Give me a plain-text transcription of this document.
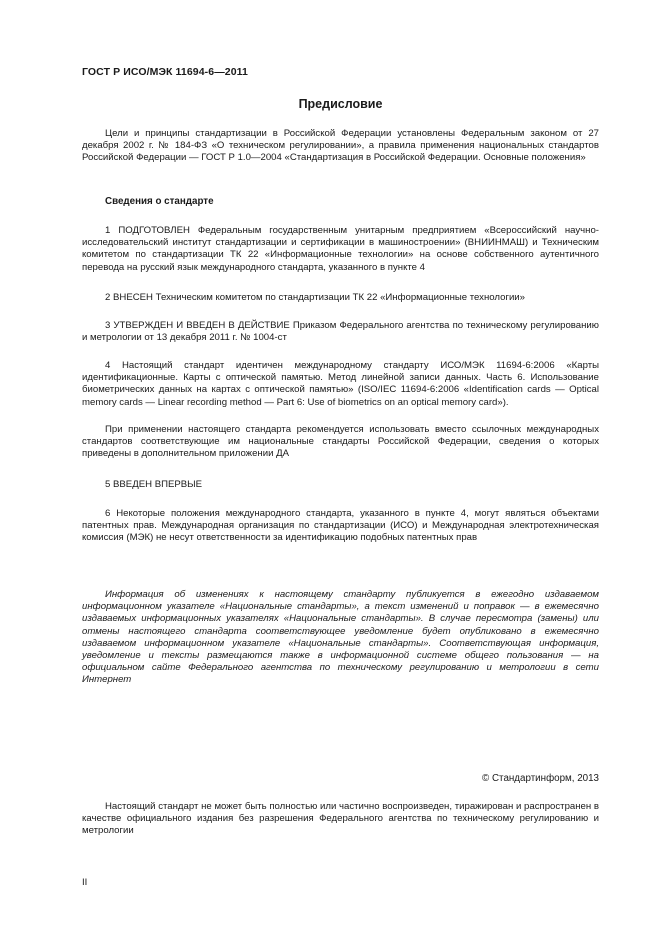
ГОСТ Р ИСО/МЭК 11694-6—2011
Предисловие

Цели и принципы стандартизации в Российской Федерации установлены Федеральным законом от 27 декабря 2002 г. № 184-ФЗ «О техническом регулировании», а правила применения национальных стандартов Российской Федерации — ГОСТ Р 1.0—2004 «Стандартизация в Российской Федерации. Основные положения»

Сведения о стандарте

1 ПОДГОТОВЛЕН Федеральным государственным унитарным предприятием «Всероссийский научно-исследовательский институт стандартизации и сертификации в машиностроении» (ВНИИНМАШ) и Техническим комитетом по стандартизации ТК 22 «Информационные технологии» на основе собственного аутентичного перевода на русский язык международного стандарта, указанного в пункте 4

2 ВНЕСЕН Техническим комитетом по стандартизации ТК 22 «Информационные технологии»

3 УТВЕРЖДЕН И ВВЕДЕН В ДЕЙСТВИЕ Приказом Федерального агентства по техническому регулированию и метрологии от 13 декабря 2011 г. № 1004-ст

4 Настоящий стандарт идентичен международному стандарту ИСО/МЭК 11694-6:2006 «Карты идентификационные. Карты с оптической памятью. Метод линейной записи данных. Часть 6. Использование биометрических данных на картах с оптической памятью» (ISO/IEC 11694-6:2006 «Identification cards — Optical memory cards — Linear recording method — Part 6: Use of biometrics on an optical memory card»).

При применении настоящего стандарта рекомендуется использовать вместо ссылочных международных стандартов соответствующие им национальные стандарты Российской Федерации, сведения о которых приведены в дополнительном приложении ДА

5 ВВЕДЕН ВПЕРВЫЕ

6 Некоторые положения международного стандарта, указанного в пункте 4, могут являться объектами патентных прав. Международная организация по стандартизации (ИСО) и Международная электротехническая комиссия (МЭК) не несут ответственности за идентификацию подобных патентных прав

Информация об изменениях к настоящему стандарту публикуется в ежегодно издаваемом информационном указателе «Национальные стандарты», а текст изменений и поправок — в ежемесячно издаваемых информационных указателях «Национальные стандарты». В случае пересмотра (замены) или отмены настоящего стандарта соответствующее уведомление будет опубликовано в ежемесячно издаваемом информационном указателе «Национальные стандарты». Соответствующая информация, уведомление и тексты размещаются также в информационной системе общего пользования — на официальном сайте Федерального агентства по техническому регулированию и метрологии в сети Интернет

© Стандартинформ, 2013

Настоящий стандарт не может быть полностью или частично воспроизведен, тиражирован и распространен в качестве официального издания без разрешения Федерального агентства по техническому регулированию и метрологии

II
